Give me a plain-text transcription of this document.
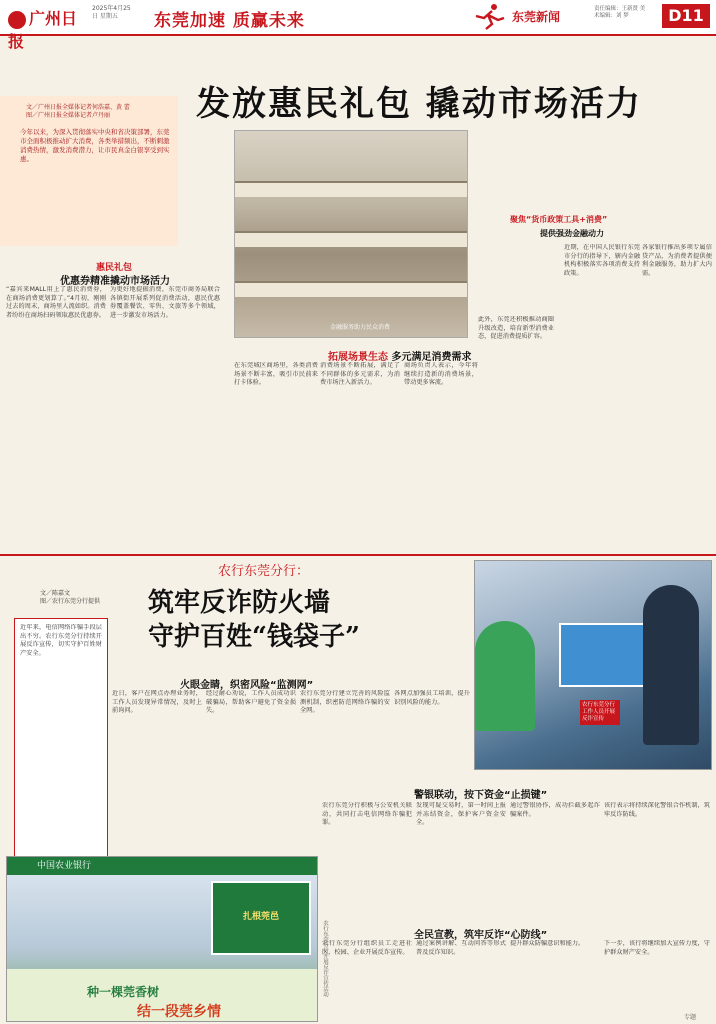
广州日报
2025年4月25日 星期五	东莞加速 质赢未来	东莞新闻
责任编辑：王新贤 美术编辑：刘 梦	D11
发放惠民礼包 撬动市场活力
文／广州日报全媒体记者何浩嘉、黄 蕾
图／广州日报全媒体记者卢丹丽
今年以来，为深入贯彻落实中央和省决策部署，东莞市全面积极推动扩大消费，各类举措频出，不断刺激消费热情，激发消费潜力，让市民真金白银享受到实惠。
惠民礼包
优惠券精准撬动市场活力
“嘉宾来MALL用上了惠民消费券，在商场消费更划算了。”4月初，刚刚过去的周末，商场里人流如织。消费者纷纷在商场扫码领取惠民优惠券。
为更好地提振消费，东莞市商务局联合各镇街开展系列促消费活动，惠民优惠券覆盖餐饮、零售、文旅等多个领域，进一步激发市场活力。
金融服务助力民众消费
拓展场景生态 多元满足消费需求
在东莞城区商场里，各类消费场景不断丰富，吸引市民前来打卡体验。
消费场景不断拓展，满足了不同群体的多元需求，为消费市场注入新活力。
商场负责人表示，今年将继续打造新的消费场景，带动更多客流。
此外，东莞还积极推动商圈升级改造，培育新型消费业态，促进消费提质扩容。
聚焦“货币政策工具+消费”
提供强劲金融动力
近期，在中国人民银行东莞市分行的指导下，辖内金融机构积极落实各项消费支持政策。
各家银行推出多项专属信贷产品，为消费者提供便利金融服务，助力扩大内需。
农行东莞分行：
筑牢反诈防火墙
守护百姓“钱袋子”
文／陈嘉文
图／农行东莞分行提供
近年来，电信网络诈骗手段层出不穷。农行东莞分行持续开展反诈宣传，切实守护百姓财产安全。
农行东莞分行工作人员开展反诈宣传
火眼金睛，织密风险“监测网”
近日，客户在网点办理业务时，工作人员发现异常情况，及时上前询问。
经过耐心劝说，工作人员成功识破骗局，帮助客户避免了资金损失。
农行东莞分行建立完善的风险监测机制，织密防范网络诈骗的安全网。
各网点加强员工培训，提升识别风险的能力。
警银联动，按下资金“止损键”
农行东莞分行积极与公安机关联动，共同打击电信网络诈骗犯罪。
发现可疑交易时，第一时间上报并冻结资金，保护客户资金安全。
通过警银协作，成功拦截多起诈骗案件。
该行表示将持续深化警银合作机制，筑牢反诈防线。
全民宣教，筑牢反诈“心防线”
农行东莞分行组织员工走进社区、校园、企业开展反诈宣传。
通过案例讲解、互动问答等形式普及反诈知识。
提升群众防骗意识和能力。	下一步，该行将继续加大宣传力度，守护群众财产安全。
中国农业银行
扎根莞邑
种一棵莞香树
结一段莞乡情
农行东莞分行开展反诈宣传活动
专题
